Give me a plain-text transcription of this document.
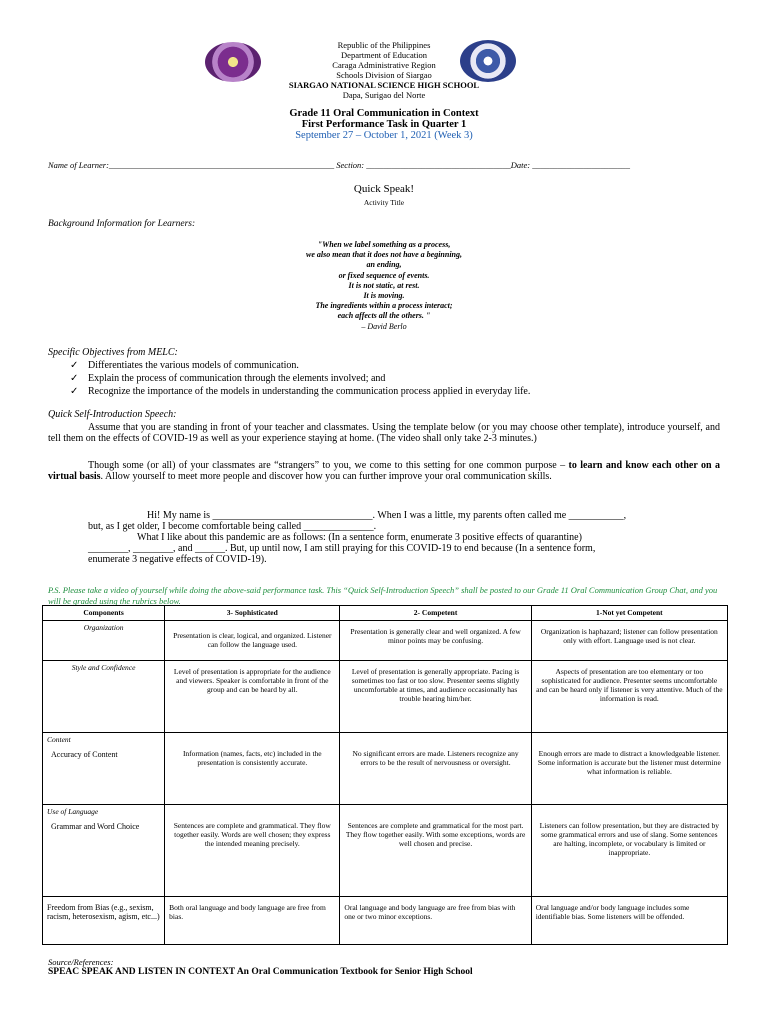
Republic of the Philippines
Department of Education
Caraga Administrative Region
Schools Division of Siargao
SIARGAO NATIONAL SCIENCE HIGH SCHOOL
Dapa, Surigao del Norte
Grade 11 Oral Communication in Context
First Performance Task in Quarter 1
September 27 – October 1, 2021 (Week 3)
Name of Learner:_____________________________________________________ Section: __________________________________Date: _______________________
Quick Speak!
Activity Title
Background Information for Learners:
"When we label something as a process,
we also mean that it does not have a beginning,
an ending,
or fixed sequence of events.
It is not static, at rest.
It is moving.
The ingredients within a process interact;
each affects all the others. "
– David Berlo
Specific Objectives from MELC:
✓ Differentiates the various models of communication.
✓ Explain the process of communication through the elements involved; and
✓ Recognize the importance of the models in understanding the communication process applied in everyday life.
Quick Self-Introduction Speech:
Assume that you are standing in front of your teacher and classmates. Using the template below (or you may choose other template), introduce yourself, and tell them on the effects of COVID-19 as well as your experience staying at home. (The video shall only take 2-3 minutes.)
Though some (or all) of your classmates are “strangers” to you, we come to this setting for one common purpose – to learn and know each other on a virtual basis. Allow yourself to meet more people and discover how you can further improve your oral communication skills.
Hi! My name is ________________________________. When I was a little, my parents often called me ___________,
but, as I get older, I become comfortable being called ______________.
What I like about this pandemic are as follows: (In a sentence form, enumerate 3 positive effects of quarantine)
________, ________, and ______. But, up until now, I am still praying for this COVID-19 to end because (In a sentence form,
enumerate 3 negative effects of COVID-19).
P.S. Please take a video of yourself while doing the above-said performance task. This “Quick Self-Introduction Speech” shall be posted to our Grade 11 Oral Communication Group Chat, and you will be graded using the rubrics below.
Components	3- Sophisticated	2- Competent	1-Not yet Competent
Organization	Presentation is clear, logical, and organized. Listener can follow the language used.	Presentation is generally clear and well organized. A few minor points may be confusing.	Organization is haphazard; listener can follow presentation only with effort. Language used is not clear.
Style and Confidence	Level of presentation is appropriate for the audience and viewers. Speaker is comfortable in front of the group and can be heard by all.	Level of presentation is generally appropriate. Pacing is sometimes too fast or too slow. Presenter seems slightly uncomfortable at times, and audience occasionally has trouble hearing him/her.	Aspects of presentation are too elementary or too sophisticated for audience. Presenter seems uncomfortable and can be heard only if listener is very attentive. Much of the information is read.

Content
Accuracy of Content	Information (names, facts, etc) included in the presentation is consistently accurate.	No significant errors are made. Listeners recognize any errors to be the result of nervousness or oversight.	Enough errors are made to distract a knowledgeable listener. Some information is accurate but the listener must determine what information is reliable.

Use of Language
Grammar and Word Choice	Sentences are complete and grammatical. They flow together easily. Words are well chosen; they express the intended meaning precisely.	Sentences are complete and grammatical for the most part. They flow together easily. With some exceptions, words are well chosen and precise.	Listeners can follow presentation, but they are distracted by some grammatical errors and use of slang. Some sentences are halting, incomplete, or vocabulary is limited or inappropriate.
Freedom from Bias (e.g., sexism, racism, heterosexism, agism, etc...)	Both oral language and body language are free from bias.	Oral language and body language are free from bias with one or two minor exceptions.	Oral language and/or body language includes some identifiable bias. Some listeners will be offended.
Source/References:
SPEAC SPEAK AND LISTEN IN CONTEXT An Oral Communication Textbook for Senior High School
